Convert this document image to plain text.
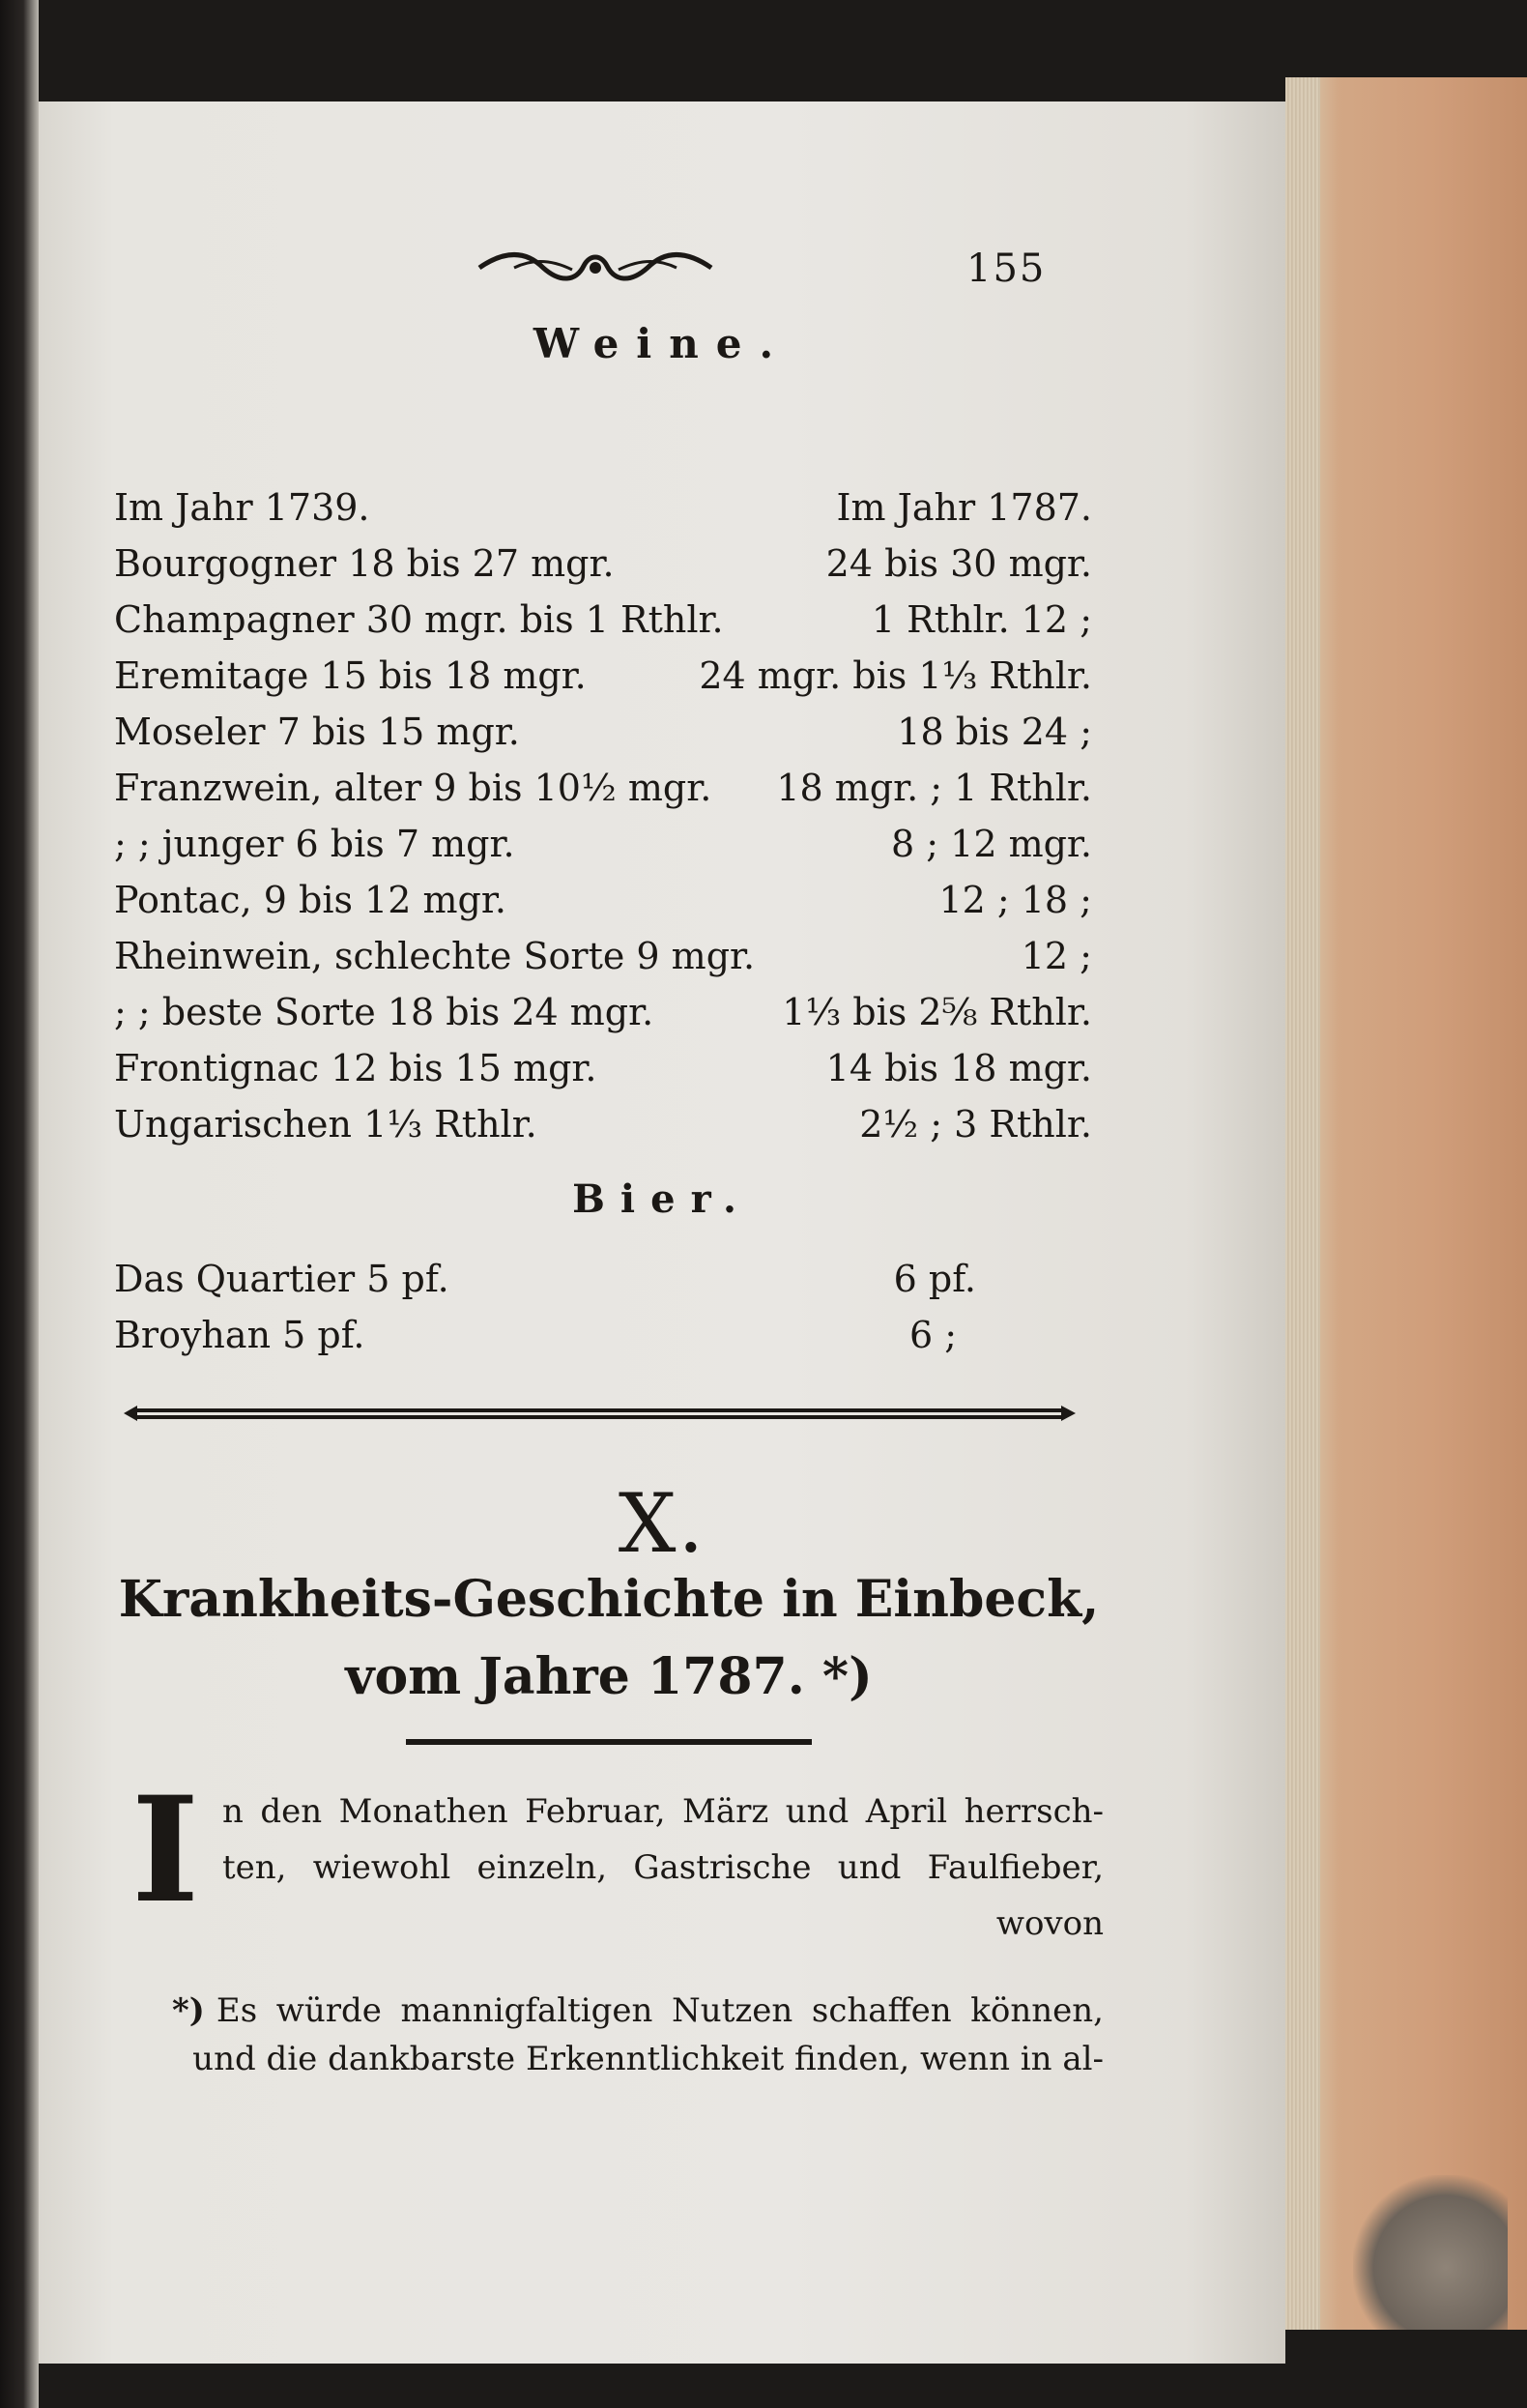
155
Weine.
Im Jahr 1739.	Im Jahr 1787.
Bourgogner 18 bis 27 mgr.	24 bis 30 mgr.
Champagner 30 mgr. bis 1 Rthlr.	1 Rthlr. 12 ;
Eremitage 15 bis 18 mgr.	24 mgr. bis 1⅓ Rthlr.
Moseler 7 bis 15 mgr.	18 bis 24 ;
Franzwein, alter 9 bis 10½ mgr. 18 mgr. ; 1 Rthlr.
; ; junger 6 bis 7 mgr.	8 ; 12 mgr.
Pontac, 9 bis 12 mgr.	12 ; 18 ;
Rheinwein, schlechte Sorte 9 mgr.	12 ;
; ; beste Sorte 18 bis 24 mgr.	1⅓ bis 2⅝ Rthlr.
Frontignac 12 bis 15 mgr.	14 bis 18 mgr.
Ungarischen 1⅓ Rthlr.	2½ ; 3 Rthlr.
Bier.
Das Quartier 5 pf.	6 pf.
Broyhan 5 pf.	6 ;
X.
Krankheits-Geschichte in Einbeck, vom Jahre 1787. *)
I n den Monathen Februar, März und April herrsch- ten, wiewohl einzeln, Gastrische und Faulfieber, wovon
*) Es würde mannigfaltigen Nutzen schaffen können, und die dankbarste Erkenntlichkeit finden, wenn in al-
